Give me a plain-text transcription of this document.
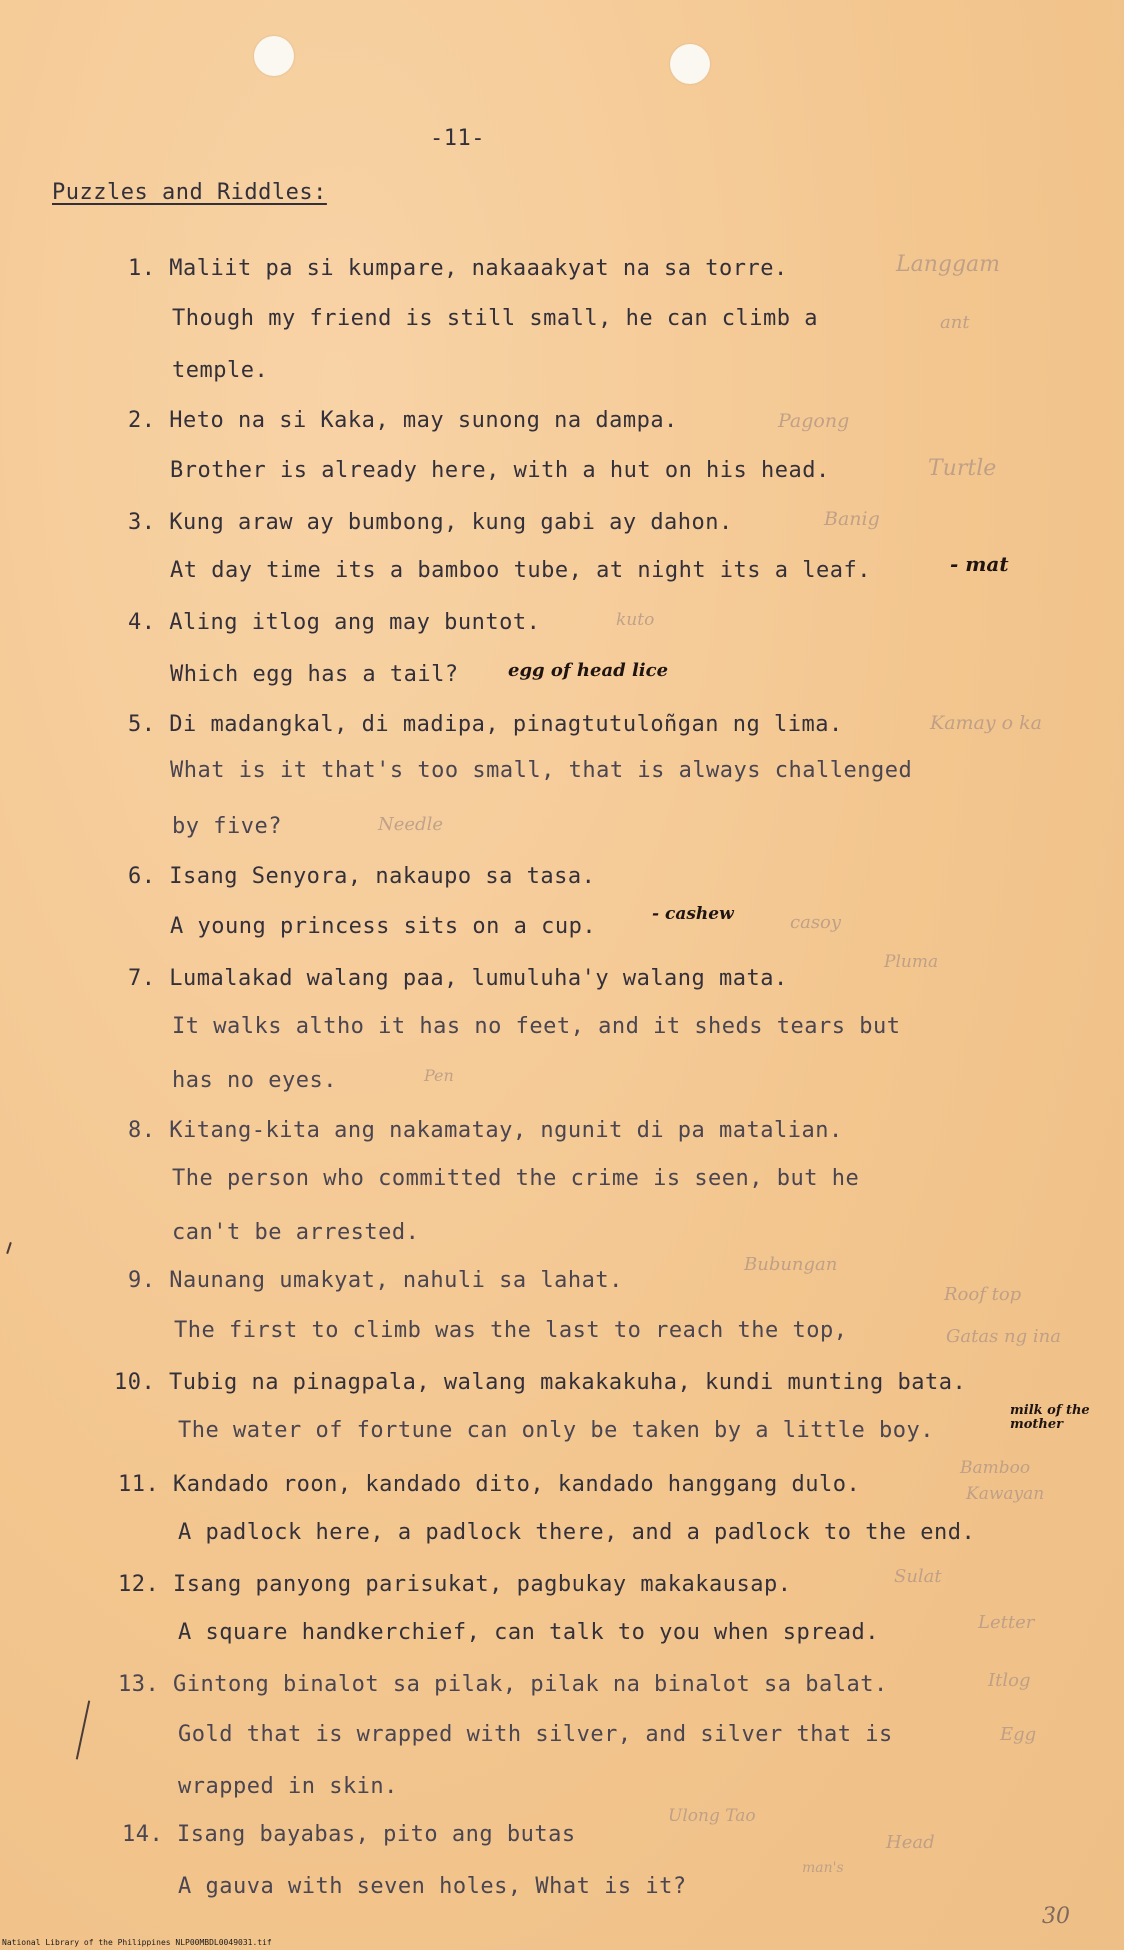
-11-
Puzzles and Riddles:
1. Maliit pa si kumpare, nakaaakyat na sa torre.
Though my friend is still small, he can climb a
temple.
2. Heto na si Kaka, may sunong na dampa.
Brother is already here, with a hut on his head.
3. Kung araw ay bumbong, kung gabi ay dahon.
At day time its a bamboo tube, at night its a leaf.
4. Aling itlog ang may buntot.
Which egg has a tail?
5. Di madangkal, di madipa, pinagtutuloñgan ng lima.
What is it that's too small, that is always challenged
by five?
6. Isang Senyora, nakaupo sa tasa.
A young princess sits on a cup.
7. Lumalakad walang paa, lumuluha'y walang mata.
It walks altho it has no feet, and it sheds tears but
has no eyes.
8. Kitang-kita ang nakamatay, ngunit di pa matalian.
The person who committed the crime is seen, but he
can't be arrested.
9. Naunang umakyat, nahuli sa lahat.
The first to climb was the last to reach the top,
10. Tubig na pinagpala, walang makakakuha, kundi munting bata.
The water of fortune can only be taken by a little boy.
11. Kandado roon, kandado dito, kandado hanggang dulo.
A padlock here, a padlock there, and a padlock to the end.
12. Isang panyong parisukat, pagbukay makakausap.
A square handkerchief, can talk to you when spread.
13. Gintong binalot sa pilak, pilak na binalot sa balat.
Gold that is wrapped with silver, and silver that is
wrapped in skin.
14. Isang bayabas, pito ang butas
A gauva with seven holes, What is it?
Langgam
ant
Pagong
Turtle
Banig
- mat
kuto
egg of head lice
Kamay o ka
Needle
- cashew	casoy
Pluma
Pen
Bubungan
Roof top
Gatas ng ina
milk of the mother
Bamboo
Kawayan
Sulat
Letter
Itlog
Egg
Ulong Tao
Head
man's
30
National Library of the Philippines NLP00MBDL0049031.tif
